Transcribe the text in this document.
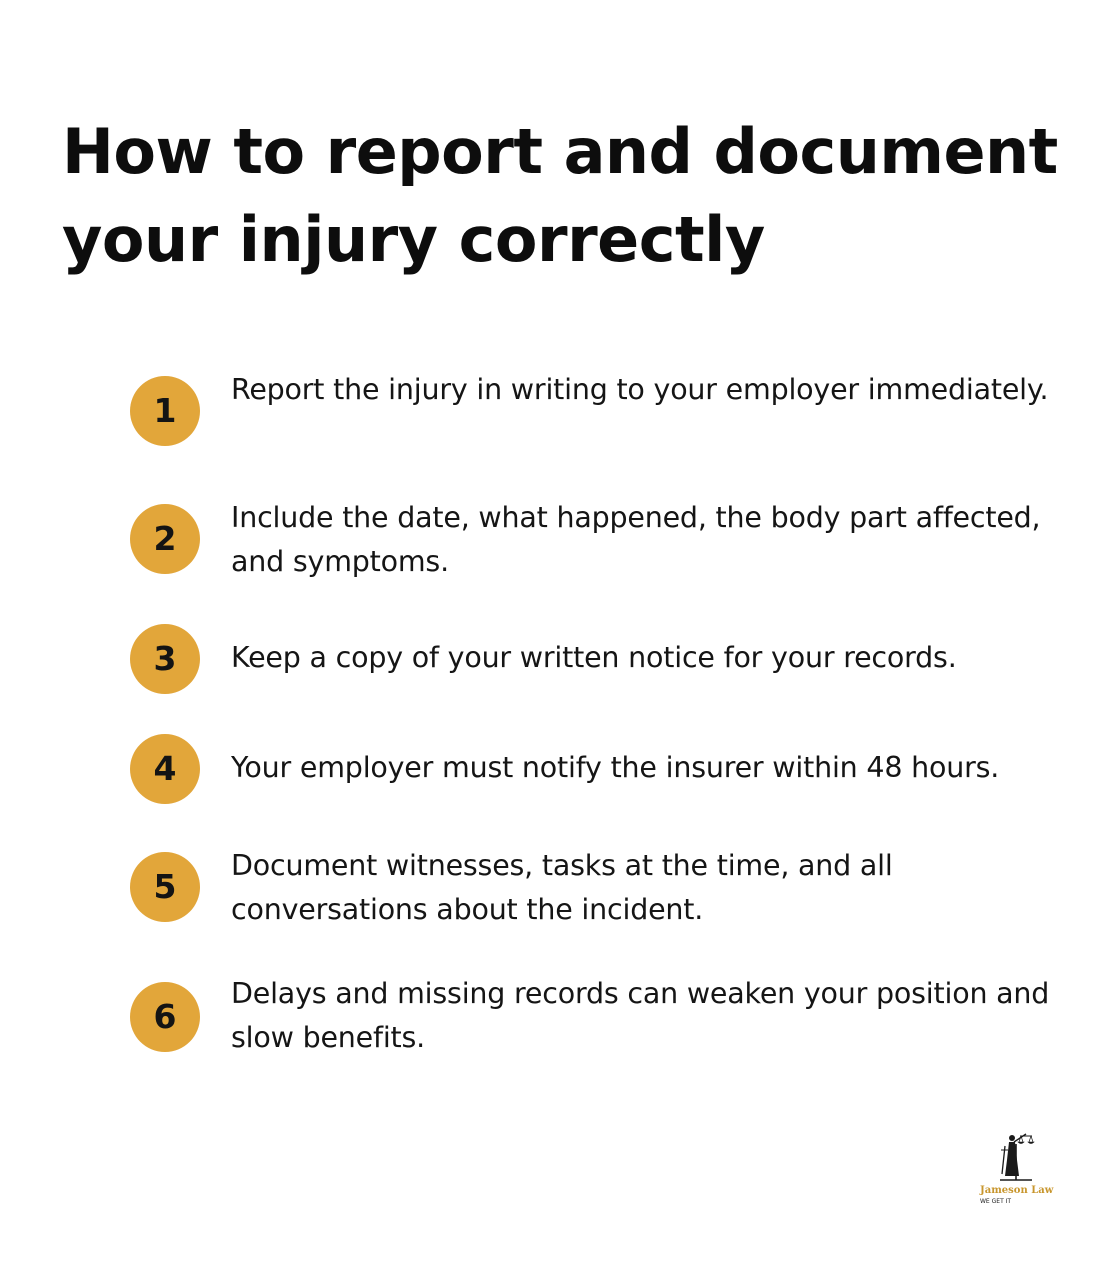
How to report and document
your injury correctly
1

Report the injury in writing to your employer immediately.

2

Include the date, what happened, the body part affected, and symptoms.

3	Keep a copy of your written notice for your records.

4	Your employer must notify the insurer within 48 hours.

5

Document witnesses, tasks at the time, and all conversations about the incident.

6

Delays and missing records can weaken your position and slow benefits.

Jameson Law
WE GET IT
